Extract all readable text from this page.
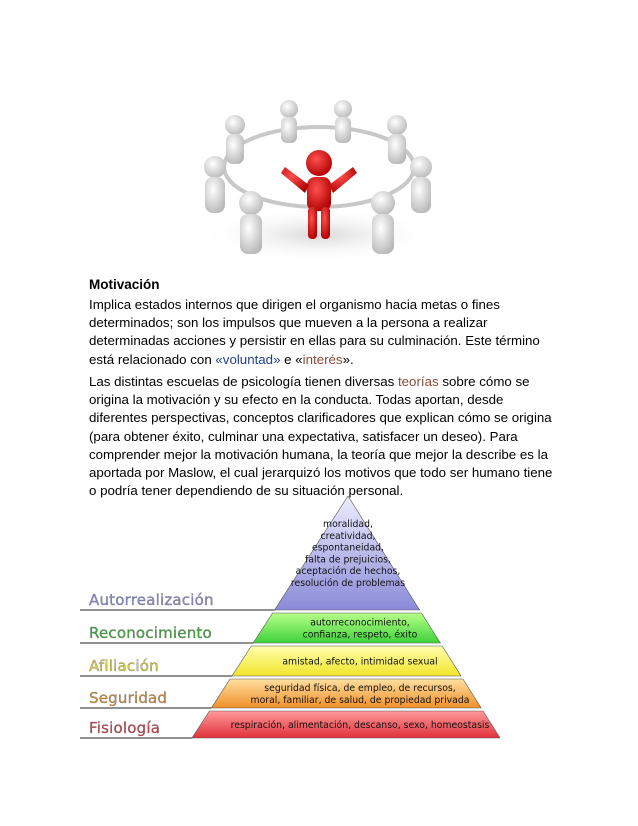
Motivación
Implica estados internos que dirigen el organismo hacia metas o fines determinados; son los impulsos que mueven a la persona a realizar determinadas acciones y persistir en ellas para su culminación. Este término está relacionado con «voluntad» e «interés».
Las distintas escuelas de psicología tienen diversas teorías sobre cómo se origina la motivación y su efecto en la conducta. Todas aportan, desde diferentes perspectivas, conceptos clarificadores que explican cómo se origina (para obtener éxito, culminar una expectativa, satisfacer un deseo). Para comprender mejor la motivación humana, la teoría que mejor la describe es la aportada por Maslow, el cual jerarquizó los motivos que todo ser humano tiene o podría tener dependiendo de su situación personal.
Autorrealización
moralidad,
creatividad,
espontaneidad,
falta de prejuicios,
aceptación de hechos,
resolución de problemas
Reconocimiento
autorreconocimiento,
confianza, respeto, éxito
Afiliación	amistad, afecto, intimidad sexual
Seguridad
seguridad física, de empleo, de recursos,
moral, familiar, de salud, de propiedad privada
Fisiología	respiración, alimentación, descanso, sexo, homeostasis
